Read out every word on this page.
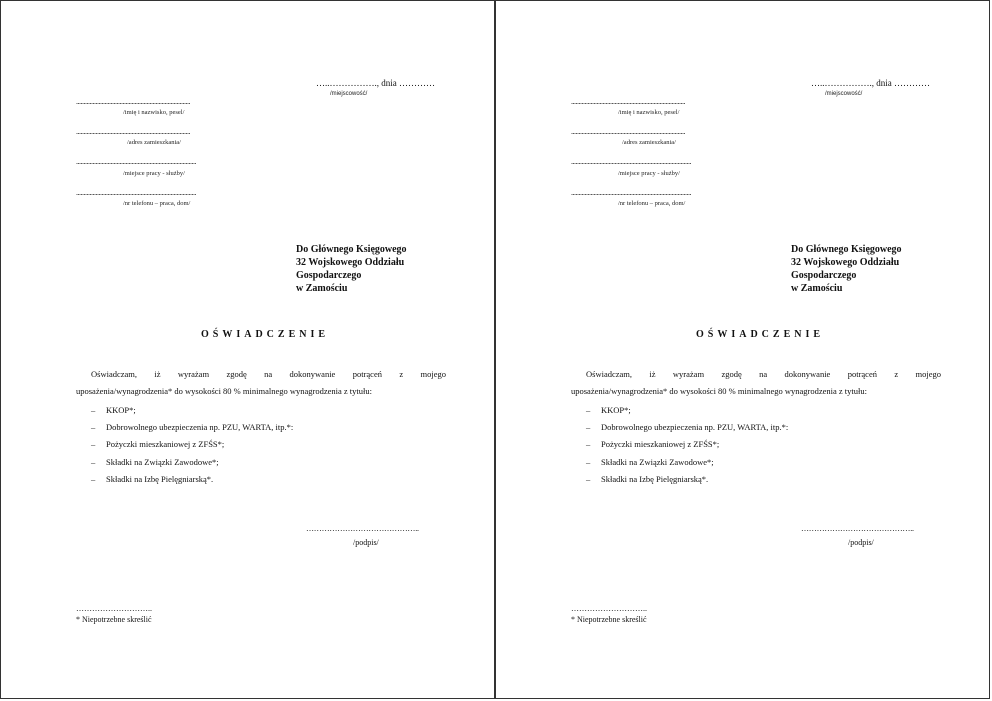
…..……………., dnia …………
/miejscowość/
............................................................................
/imię i nazwisko, pesel/
............................................................................
/adres zamieszkania/
................................................................................
/miejsce pracy - służby/
................................................................................
/nr telefonu – praca, dom/
Do Głównego Księgowego
32 Wojskowego Oddziału
Gospodarczego
w Zamościu
OŚWIADCZENIE
Oświadczam, iż wyrażam zgodę na dokonywanie potrąceń z mojego
uposażenia/wynagrodzenia* do wysokości 80 % minimalnego wynagrodzenia z tytułu:
– KKOP*;
– Dobrowolnego ubezpieczenia np. PZU, WARTA, itp.*:
– Pożyczki mieszkaniowej z ZFŚS*;
– Składki na Związki Zawodowe*;
– Składki na Izbę Pielęgniarską*.
……………………………………..
/podpis/
………………………..
* Niepotrzebne skreślić
…..……………., dnia …………
/miejscowość/
............................................................................
/imię i nazwisko, pesel/
............................................................................
/adres zamieszkania/
................................................................................
/miejsce pracy - służby/
................................................................................
/nr telefonu – praca, dom/
Do Głównego Księgowego
32 Wojskowego Oddziału
Gospodarczego
w Zamościu
OŚWIADCZENIE
Oświadczam, iż wyrażam zgodę na dokonywanie potrąceń z mojego
uposażenia/wynagrodzenia* do wysokości 80 % minimalnego wynagrodzenia z tytułu:
– KKOP*;
– Dobrowolnego ubezpieczenia np. PZU, WARTA, itp.*:
– Pożyczki mieszkaniowej z ZFŚS*;
– Składki na Związki Zawodowe*;
– Składki na Izbę Pielęgniarską*.
……………………………………..
/podpis/
………………………..
* Niepotrzebne skreślić
